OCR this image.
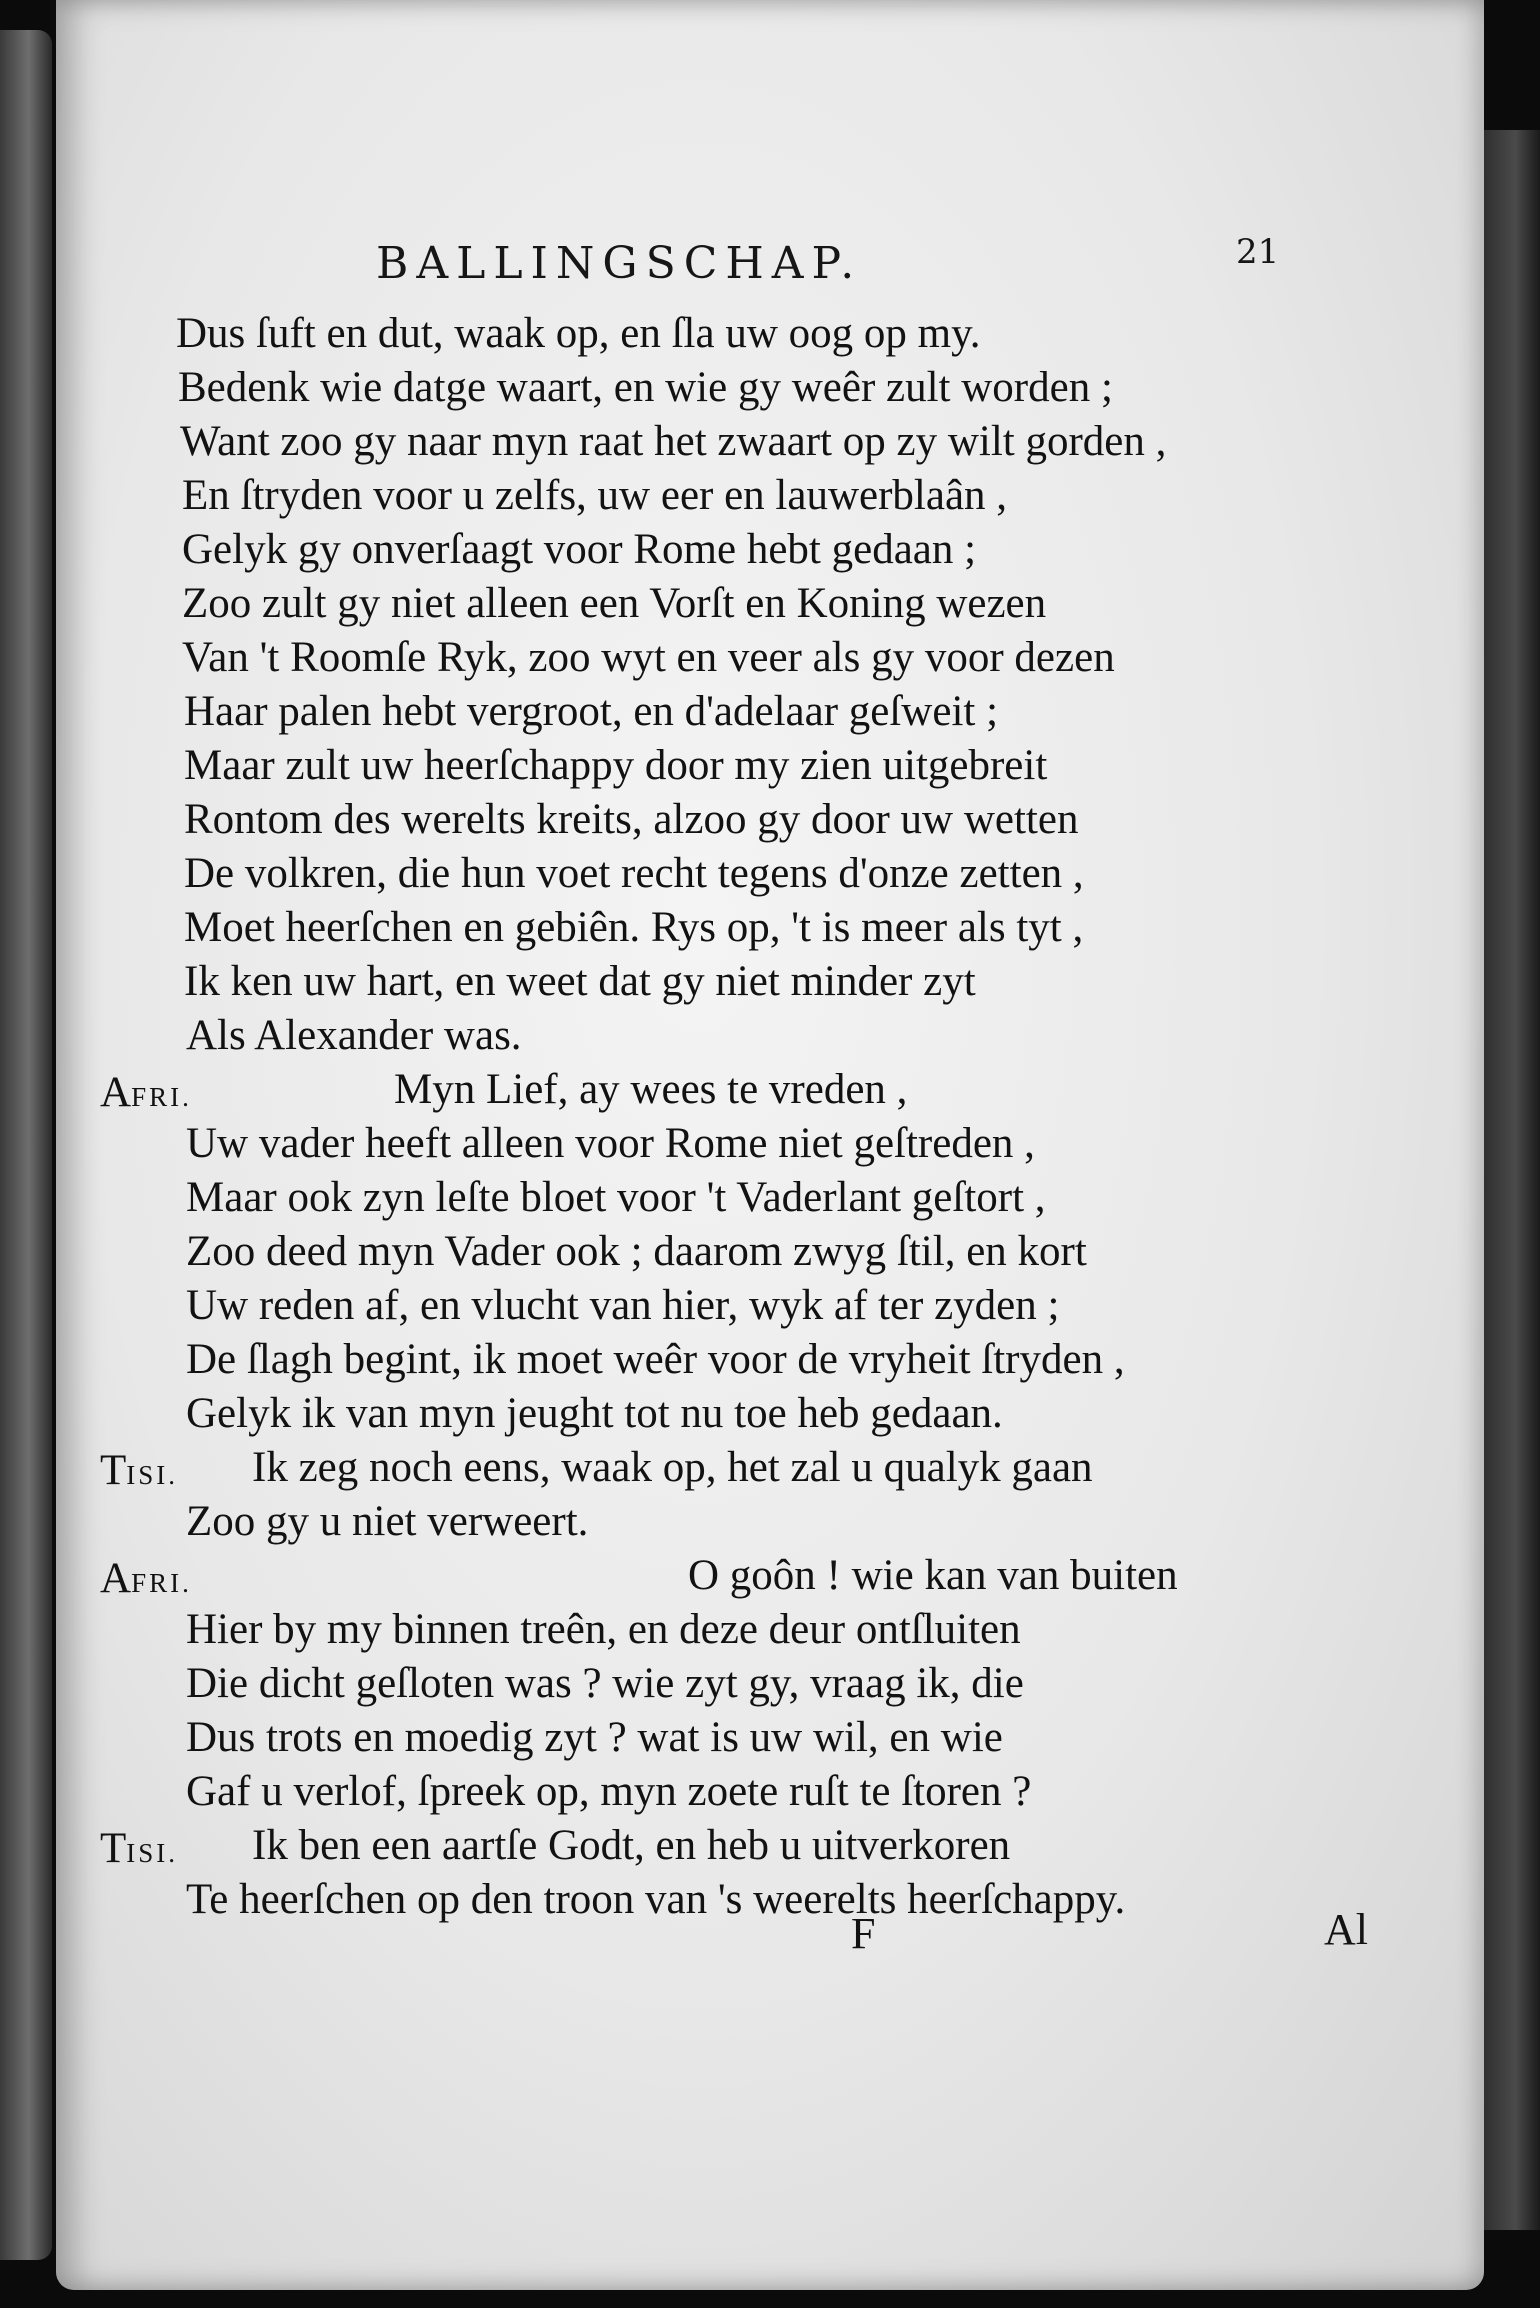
BALLINGSCHAP.	21
Dus ſuft en dut, waak op, en ſla uw oog op my.
Bedenk wie datge waart, en wie gy weêr zult worden ;
Want zoo gy naar myn raat het zwaart op zy wilt gorden ,
En ſtryden voor u zelfs, uw eer en lauwerblaân ,
Gelyk gy onverſaagt voor Rome hebt gedaan ;
Zoo zult gy niet alleen een Vorſt en Koning wezen
Van 't Roomſe Ryk, zoo wyt en veer als gy voor dezen
Haar palen hebt vergroot, en d'adelaar geſweit ;
Maar zult uw heerſchappy door my zien uitgebreit
Rontom des werelts kreits, alzoo gy door uw wetten
De volkren, die hun voet recht tegens d'onze zetten ,
Moet heerſchen en gebiên. Rys op, 't is meer als tyt ,
Ik ken uw hart, en weet dat gy niet minder zyt
Als Alexander was.
AFRI.	Myn Lief, ay wees te vreden ,
Uw vader heeft alleen voor Rome niet geſtreden ,
Maar ook zyn leſte bloet voor 't Vaderlant geſtort ,
Zoo deed myn Vader ook ; daarom zwyg ſtil, en kort
Uw reden af, en vlucht van hier, wyk af ter zyden ;
De ſlagh begint, ik moet weêr voor de vryheit ſtryden ,
Gelyk ik van myn jeught tot nu toe heb gedaan.
TISI. Ik zeg noch eens, waak op, het zal u qualyk gaan
Zoo gy u niet verweert.
AFRI.	O goôn ! wie kan van buiten
Hier by my binnen treên, en deze deur ontſluiten
Die dicht geſloten was ? wie zyt gy, vraag ik, die
Dus trots en moedig zyt ? wat is uw wil, en wie
Gaf u verlof, ſpreek op, myn zoete ruſt te ſtoren ?
TISI. Ik ben een aartſe Godt, en heb u uitverkoren
Te heerſchen op den troon van 's weerelts heerſchappy.
F	Al
